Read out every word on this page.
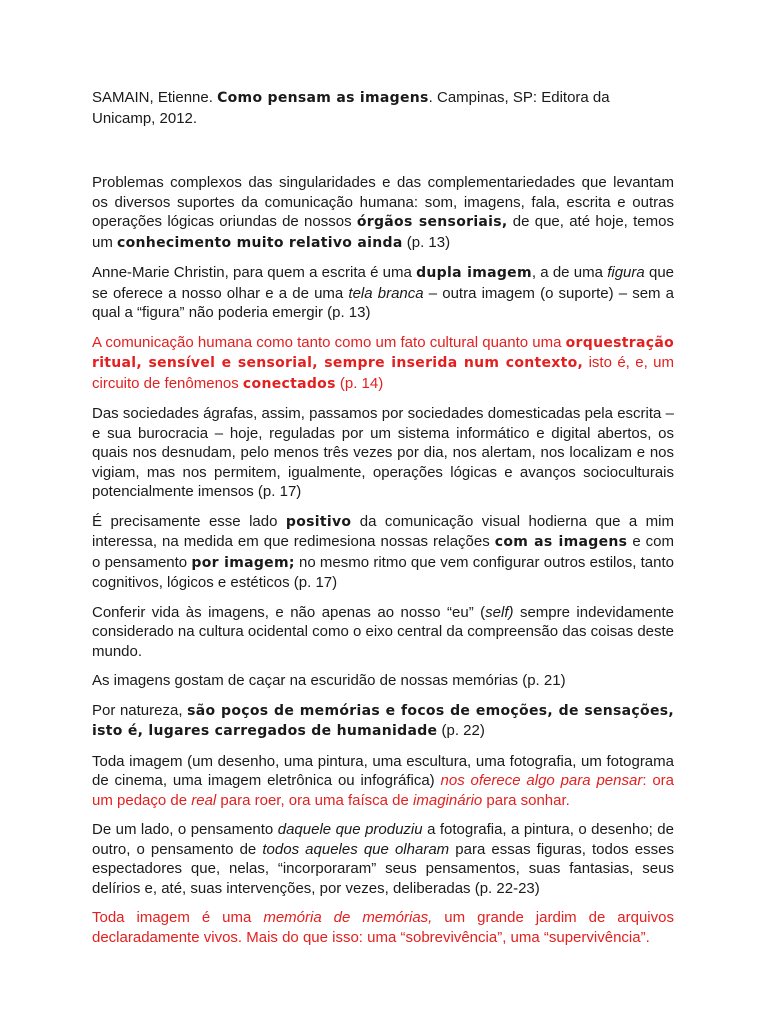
SAMAIN, Etienne. Como pensam as imagens. Campinas, SP: Editora da Unicamp, 2012.

Problemas complexos das singularidades e das complementariedades que levantam os diversos suportes da comunicação humana: som, imagens, fala, escrita e outras operações lógicas oriundas de nossos órgãos sensoriais, de que, até hoje, temos um conhecimento muito relativo ainda (p. 13)

Anne-Marie Christin, para quem a escrita é uma dupla imagem, a de uma figura que se oferece a nosso olhar e a de uma tela branca – outra imagem (o suporte) – sem a qual a “figura” não poderia emergir (p. 13)

A comunicação humana como tanto como um fato cultural quanto uma orquestração ritual, sensível e sensorial, sempre inserida num contexto, isto é, e, um circuito de fenômenos conectados (p. 14)

Das sociedades ágrafas, assim, passamos por sociedades domesticadas pela escrita – e sua burocracia – hoje, reguladas por um sistema informático e digital abertos, os quais nos desnudam, pelo menos três vezes por dia, nos alertam, nos localizam e nos vigiam, mas nos permitem, igualmente, operações lógicas e avanços socioculturais potencialmente imensos (p. 17)

É precisamente esse lado positivo da comunicação visual hodierna que a mim interessa, na medida em que redimesiona nossas relações com as imagens e com o pensamento por imagem; no mesmo ritmo que vem configurar outros estilos, tanto cognitivos, lógicos e estéticos (p. 17)

Conferir vida às imagens, e não apenas ao nosso “eu” (self) sempre indevidamente considerado na cultura ocidental como o eixo central da compreensão das coisas deste mundo.

As imagens gostam de caçar na escuridão de nossas memórias (p. 21)

Por natureza, são poços de memórias e focos de emoções, de sensações, isto é, lugares carregados de humanidade (p. 22)

Toda imagem (um desenho, uma pintura, uma escultura, uma fotografia, um fotograma de cinema, uma imagem eletrônica ou infográfica) nos oferece algo para pensar: ora um pedaço de real para roer, ora uma faísca de imaginário para sonhar.

De um lado, o pensamento daquele que produziu a fotografia, a pintura, o desenho; de outro, o pensamento de todos aqueles que olharam para essas figuras, todos esses espectadores que, nelas, “incorporaram” seus pensamentos, suas fantasias, seus delírios e, até, suas intervenções, por vezes, deliberadas (p. 22-23)

Toda imagem é uma memória de memórias, um grande jardim de arquivos declaradamente vivos. Mais do que isso: uma “sobrevivência”, uma “supervivência”.
